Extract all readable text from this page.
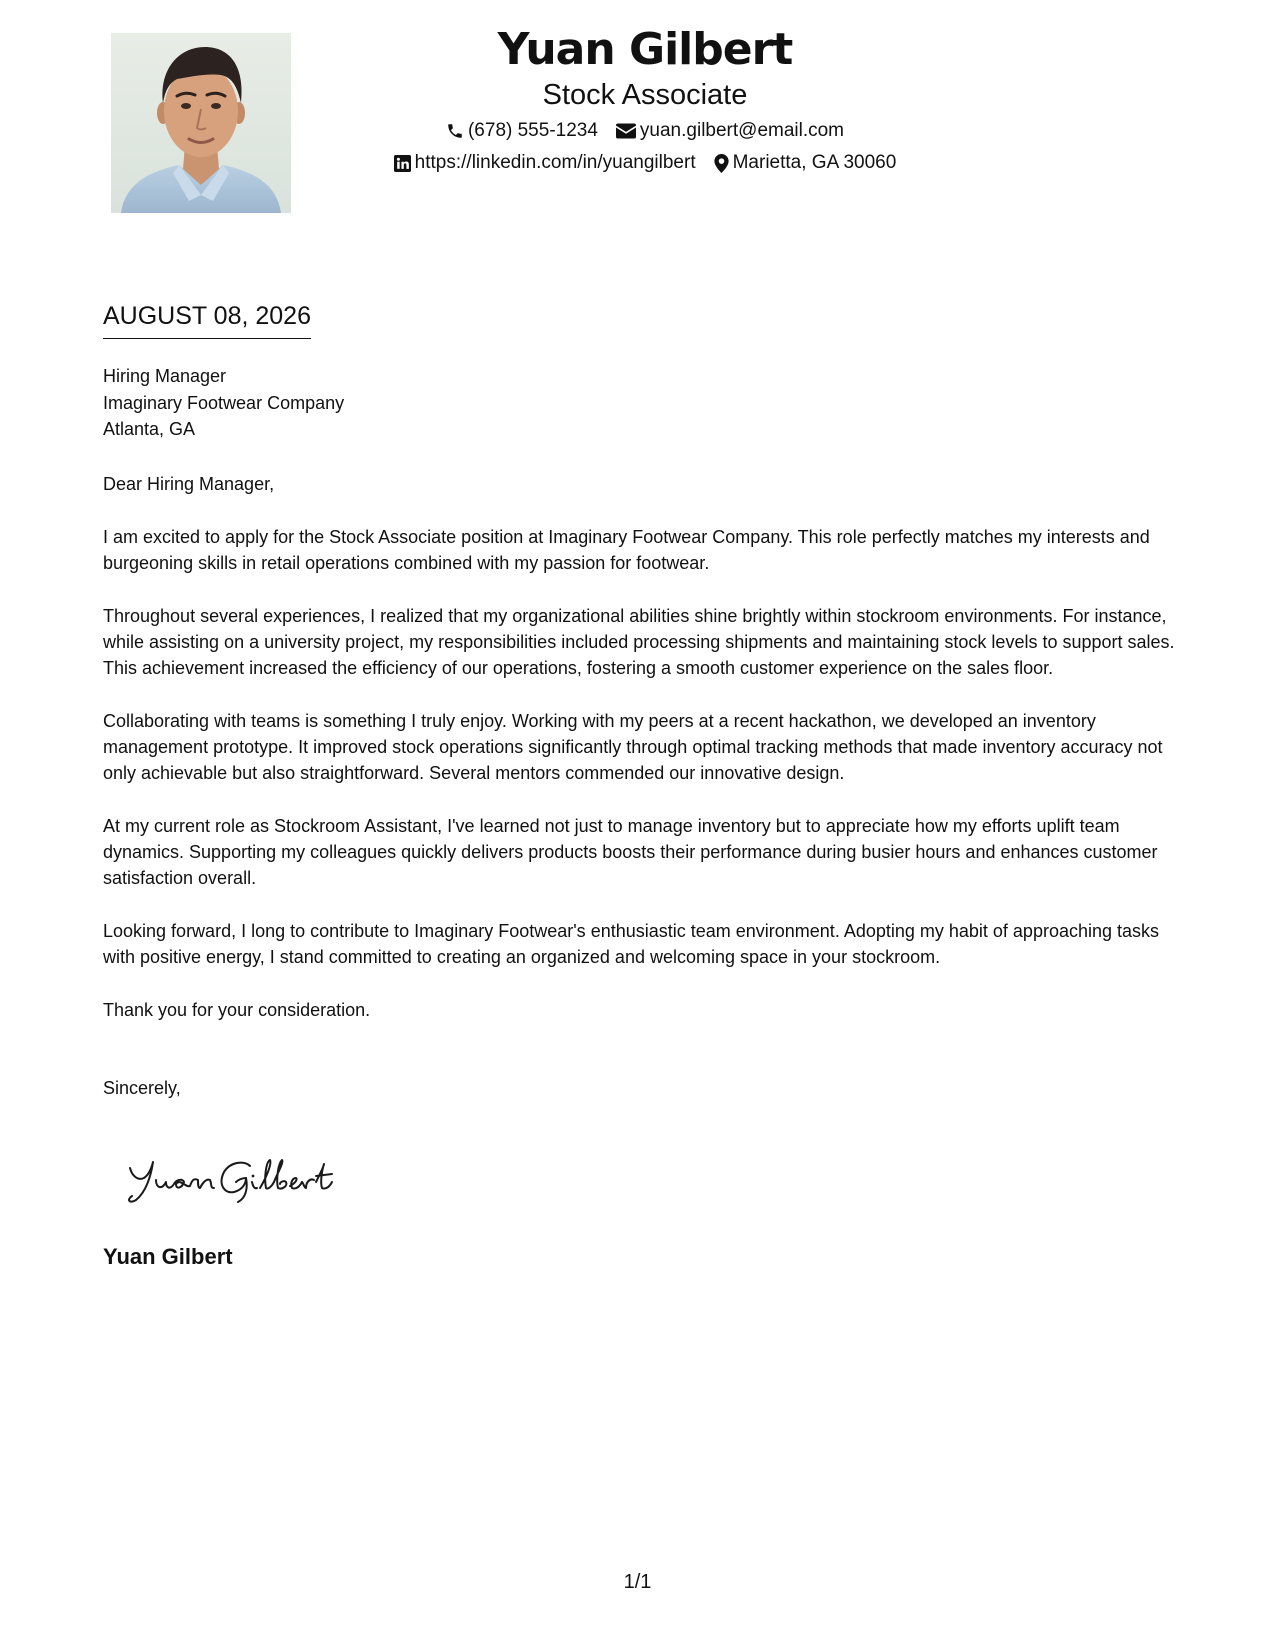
Yuan Gilbert
Stock Associate
(678) 555-1234 yuan.gilbert@email.com
https://linkedin.com/in/yuangilbert Marietta, GA 30060
AUGUST 08, 2026
Hiring Manager
Imaginary Footwear Company
Atlanta, GA
Dear Hiring Manager,
I am excited to apply for the Stock Associate position at Imaginary Footwear Company. This role perfectly matches my interests and burgeoning skills in retail operations combined with my passion for footwear.
Throughout several experiences, I realized that my organizational abilities shine brightly within stockroom environments. For instance, while assisting on a university project, my responsibilities included processing shipments and maintaining stock levels to support sales. This achievement increased the efficiency of our operations, fostering a smooth customer experience on the sales floor.
Collaborating with teams is something I truly enjoy. Working with my peers at a recent hackathon, we developed an inventory management prototype. It improved stock operations significantly through optimal tracking methods that made inventory accuracy not only achievable but also straightforward. Several mentors commended our innovative design.
At my current role as Stockroom Assistant, I've learned not just to manage inventory but to appreciate how my efforts uplift team dynamics. Supporting my colleagues quickly delivers products boosts their performance during busier hours and enhances customer satisfaction overall.
Looking forward, I long to contribute to Imaginary Footwear's enthusiastic team environment. Adopting my habit of approaching tasks with positive energy, I stand committed to creating an organized and welcoming space in your stockroom.
Thank you for your consideration.
Sincerely,
Yuan Gilbert
1/1
